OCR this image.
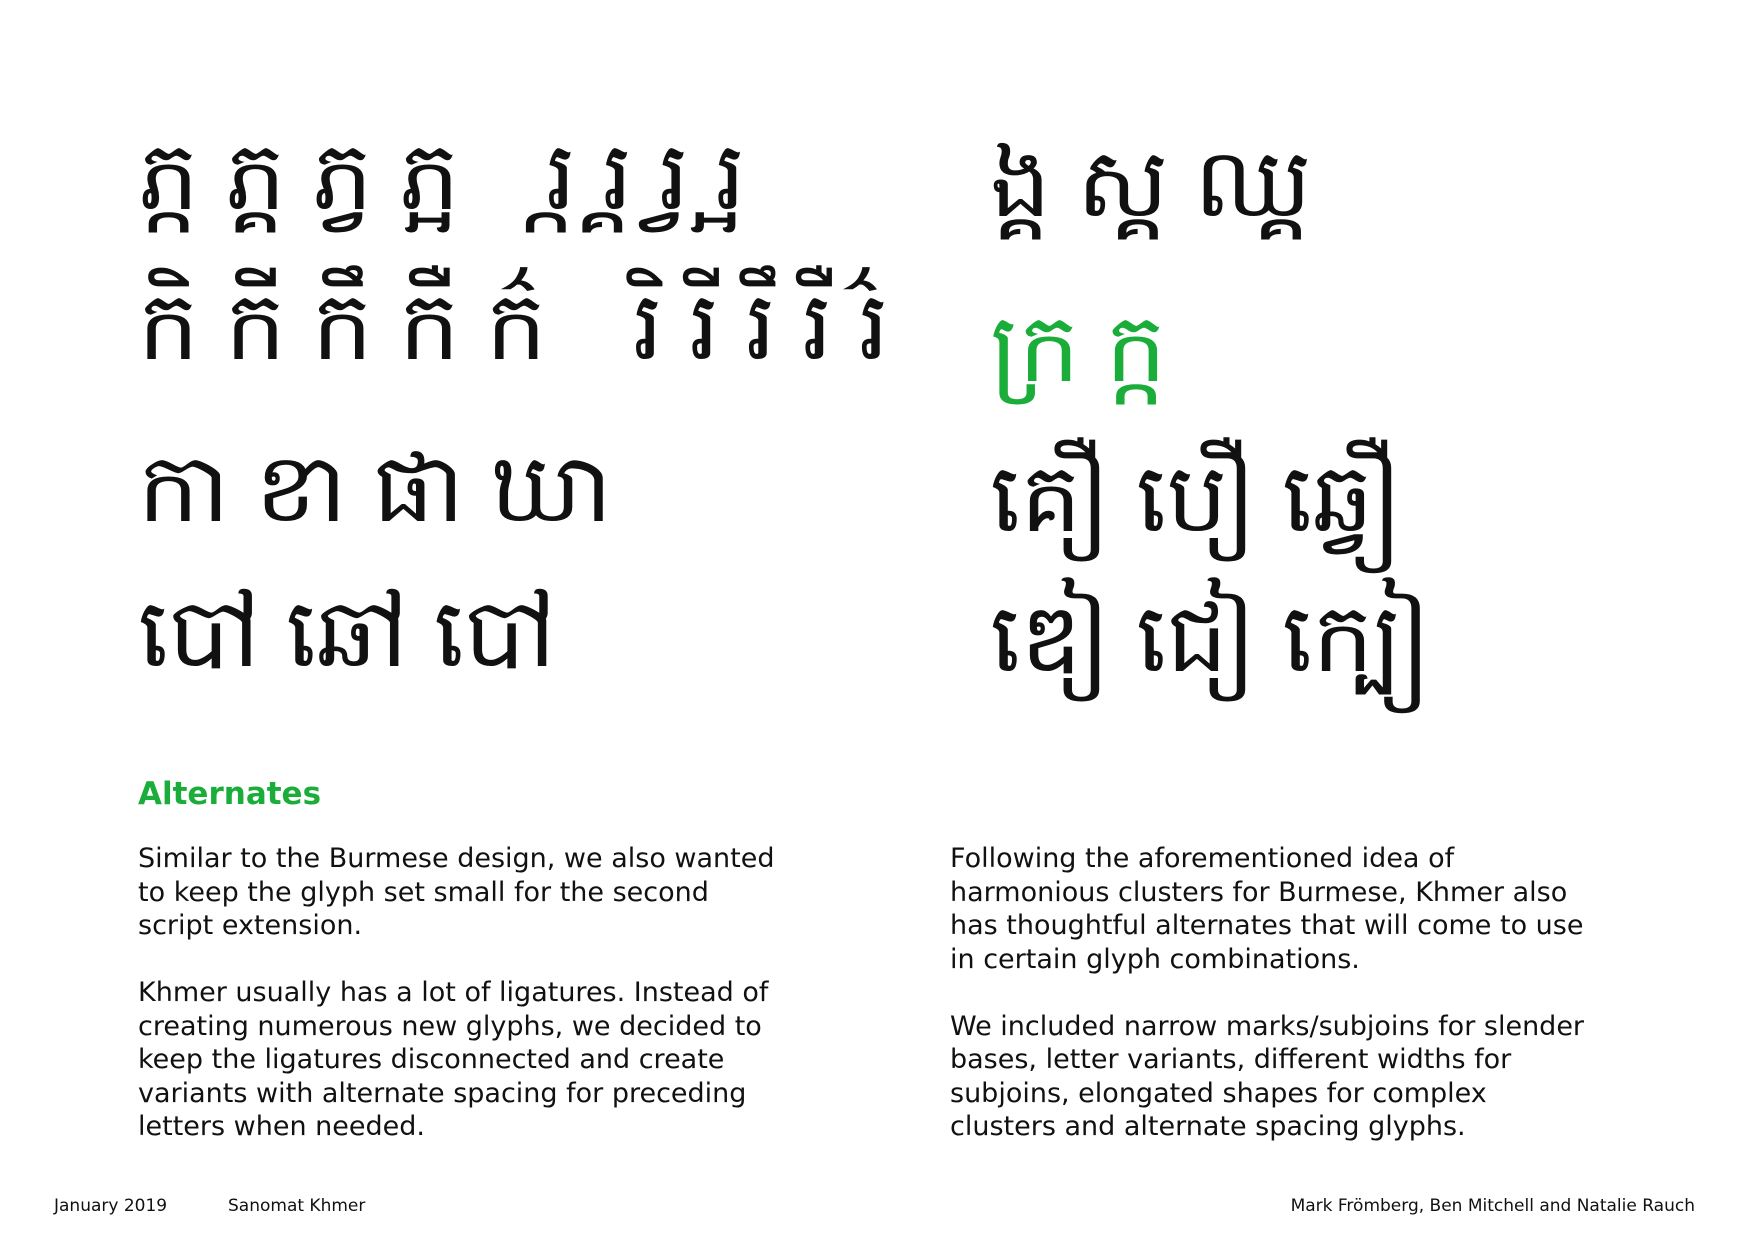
ភ ភ ភ ភ រ រ រ រ
ក ក ក ក ក រ រ រ រ រ
ក ខ ផ ឃ
ប ឆ ប
ង ស ឈ
ក្រ ក្ក
គ ប ឆ
ឌ ជ ក
Alternates

Similar to the Burmese design, we also wanted to keep the glyph set small for the second script extension.

Khmer usually has a lot of ligatures. Instead of creating numerous new glyphs, we decided to keep the ligatures disconnected and create variants with alternate spacing for preceding letters when needed.

Following the aforementioned idea of harmonious clusters for Burmese, Khmer also has thoughtful alternates that will come to use in certain glyph combinations.

We included narrow marks/subjoins for slender bases, letter variants, different widths for subjoins, elongated shapes for complex clusters and alternate spacing glyphs.

January 2019	Sanomat Khmer	Mark Frömberg, Ben Mitchell and Natalie Rauch
